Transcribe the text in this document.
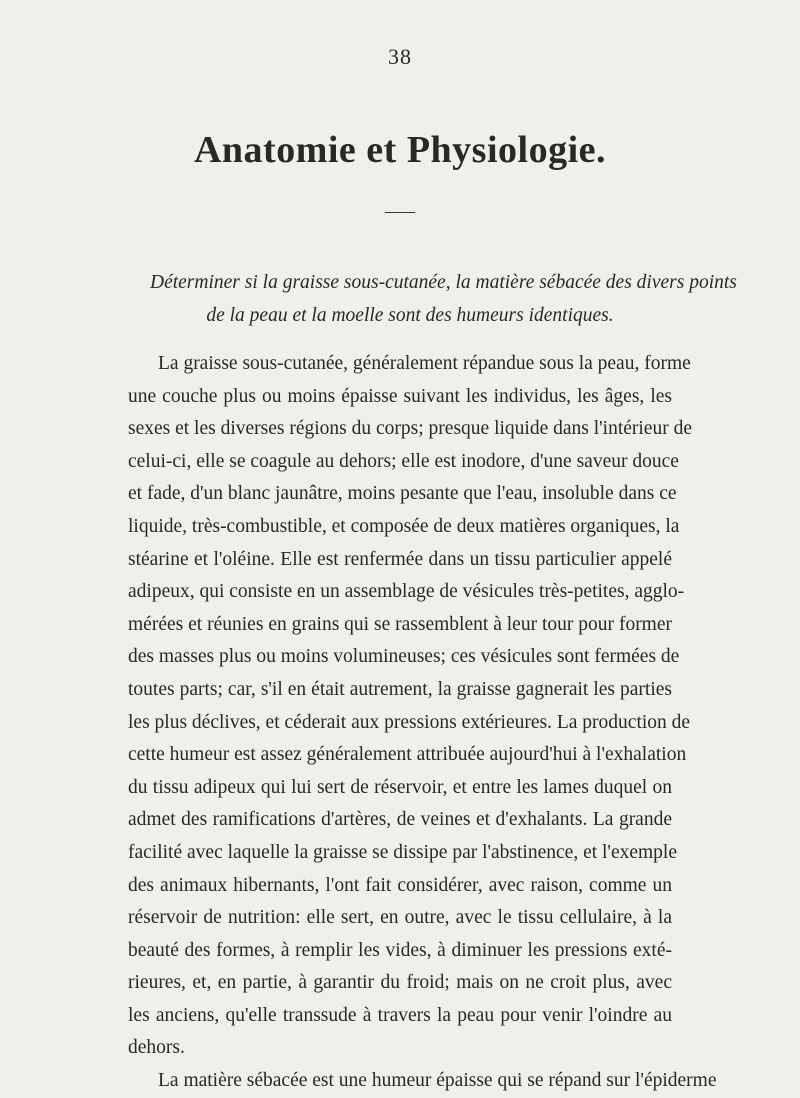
38
Anatomie et Physiologie.
Déterminer si la graisse sous-cutanée, la matière sébacée des divers points
de la peau et la moelle sont des humeurs identiques.
La graisse sous-cutanée, généralement répandue sous la peau, forme
une couche plus ou moins épaisse suivant les individus, les âges, les
sexes et les diverses régions du corps; presque liquide dans l'intérieur de
celui-ci, elle se coagule au dehors; elle est inodore, d'une saveur douce
et fade, d'un blanc jaunâtre, moins pesante que l'eau, insoluble dans ce
liquide, très-combustible, et composée de deux matières organiques, la
stéarine et l'oléine. Elle est renfermée dans un tissu particulier appelé
adipeux, qui consiste en un assemblage de vésicules très-petites, agglo-
mérées et réunies en grains qui se rassemblent à leur tour pour former
des masses plus ou moins volumineuses; ces vésicules sont fermées de
toutes parts; car, s'il en était autrement, la graisse gagnerait les parties
les plus déclives, et céderait aux pressions extérieures. La production de
cette humeur est assez généralement attribuée aujourd'hui à l'exhalation
du tissu adipeux qui lui sert de réservoir, et entre les lames duquel on
admet des ramifications d'artères, de veines et d'exhalants. La grande
facilité avec laquelle la graisse se dissipe par l'abstinence, et l'exemple
des animaux hibernants, l'ont fait considérer, avec raison, comme un
réservoir de nutrition: elle sert, en outre, avec le tissu cellulaire, à la
beauté des formes, à remplir les vides, à diminuer les pressions exté-
rieures, et, en partie, à garantir du froid; mais on ne croit plus, avec
les anciens, qu'elle transsude à travers la peau pour venir l'oindre au
dehors.
La matière sébacée est une humeur épaisse qui se répand sur l'épiderme
